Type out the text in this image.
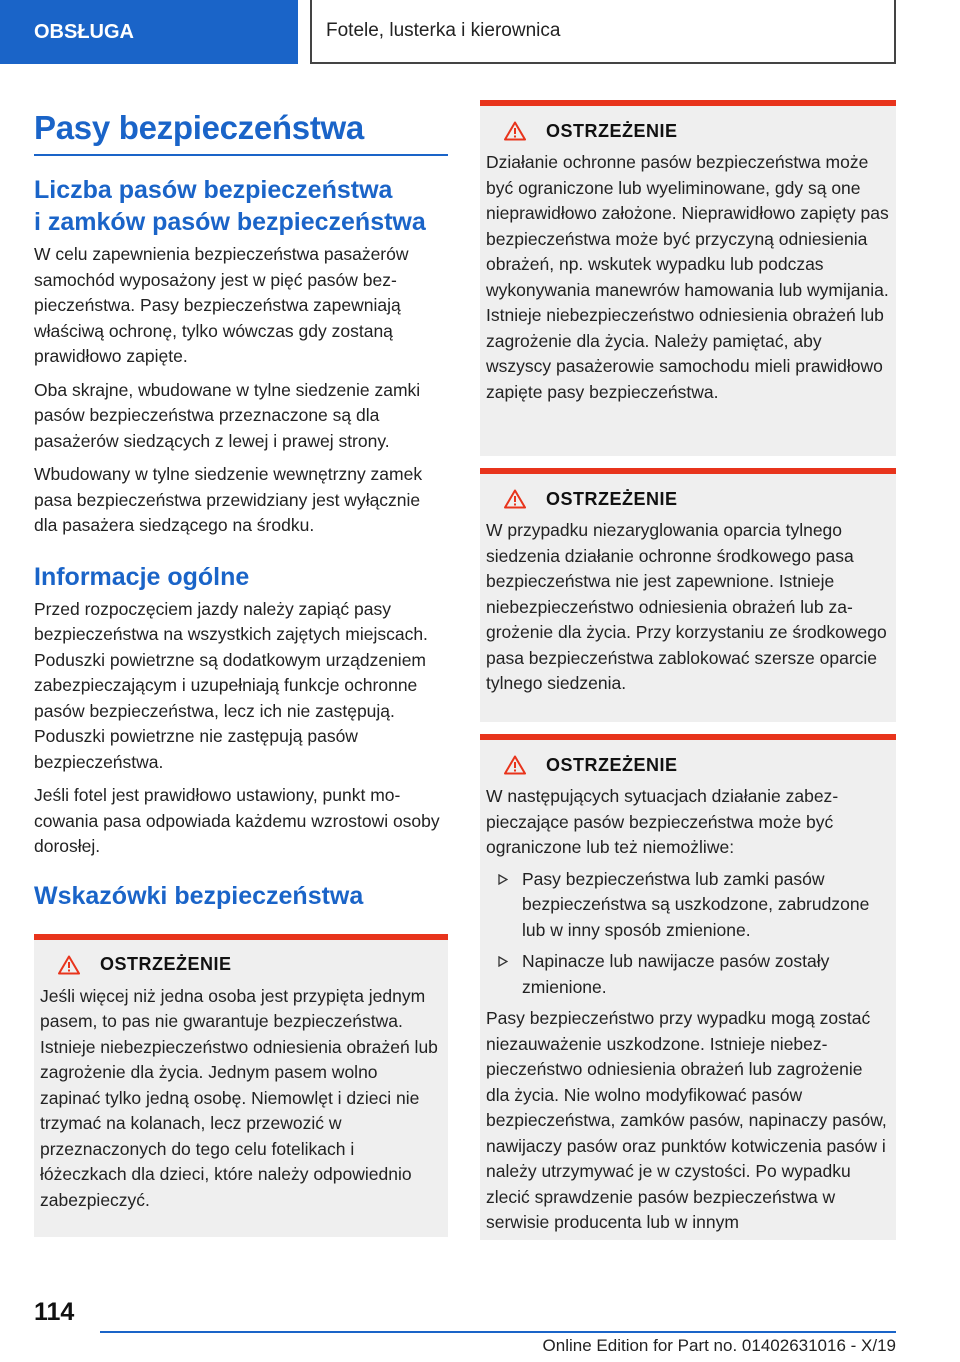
OBSŁUGA	Fotele, lusterka i kierownica
Pasy bezpieczeństwa
Liczba pasów bezpieczeństwa
i zamków pasów bezpieczeństwa

W celu zapewnienia bezpieczeństwa pasażerów samochód wyposażony jest w pięć pasów bezpieczeństwa. Pasy bezpieczeństwa zapewniają właściwą ochronę, tylko wówczas gdy zostaną prawidłowo zapięte.

Oba skrajne, wbudowane w tylne siedzenie zamki pasów bezpieczeństwa przeznaczone są dla pasażerów siedzących z lewej i prawej strony.

Wbudowany w tylne siedzenie wewnętrzny zamek pasa bezpieczeństwa przewidziany jest wyłącznie dla pasażera siedzącego na środku.

Informacje ogólne

Przed rozpoczęciem jazdy należy zapiąć pasy bezpieczeństwa na wszystkich zajętych miejscach. Poduszki powietrzne są dodatkowym urządzeniem zabezpieczającym i uzupełniają funkcje ochronne pasów bezpieczeństwa, lecz ich nie zastępują. Poduszki powietrzne nie zastępują pasów bezpieczeństwa.

Jeśli fotel jest prawidłowo ustawiony, punkt mocowania pasa odpowiada każdemu wzrostowi osoby dorosłej.

Wskazówki bezpieczeństwa
OSTRZEŻENIE

Jeśli więcej niż jedna osoba jest przypięta jednym pasem, to pas nie gwarantuje bezpieczeństwa. Istnieje niebezpieczeństwo odniesienia obrażeń lub zagrożenie dla życia. Jednym pasem wolno zapinać tylko jedną osobę. Niemowlęt i dzieci nie trzymać na kolanach, lecz przewozić w przeznaczonych do tego celu fotelikach i łóżeczkach dla dzieci, które należy odpowiednio zabezpieczyć.

OSTRZEŻENIE

Działanie ochronne pasów bezpieczeństwa może być ograniczone lub wyeliminowane, gdy są one nieprawidłowo założone. Nieprawidłowo zapięty pas bezpieczeństwa może być przyczyną odniesienia obrażeń, np. wskutek wypadku lub podczas wykonywania manewrów hamowania lub wymijania. Istnieje niebezpieczeństwo odniesienia obrażeń lub zagrożenie dla życia. Należy pamiętać, aby wszyscy pasażerowie samochodu mieli prawidłowo zapięte pasy bezpieczeństwa.

OSTRZEŻENIE

W przypadku niezaryglowania oparcia tylnego siedzenia działanie ochronne środkowego pasa bezpieczeństwa nie jest zapewnione. Istnieje niebezpieczeństwo odniesienia obrażeń lub zagrożenie dla życia. Przy korzystaniu ze środkowego pasa bezpieczeństwa zablokować szersze oparcie tylnego siedzenia.

OSTRZEŻENIE

W następujących sytuacjach działanie zabezpieczające pasów bezpieczeństwa może być ograniczone lub też niemożliwe:

Pasy bezpieczeństwa lub zamki pasów bezpieczeństwa są uszkodzone, zabrudzone lub w inny sposób zmienione.
Napinacze lub nawijacze pasów zostały zmienione.

Pasy bezpieczeństwo przy wypadku mogą zostać niezauważenie uszkodzone. Istnieje niebezpieczeństwo odniesienia obrażeń lub zagrożenie dla życia. Nie wolno modyfikować pasów bezpieczeństwa, zamków pasów, napinaczy pasów, nawijaczy pasów oraz punktów kotwiczenia pasów i należy utrzymywać je w czystości. Po wypadku zlecić sprawdzenie pasów bezpieczeństwa w serwisie producenta lub w innym

114
Online Edition for Part no. 01402631016 - X/19
